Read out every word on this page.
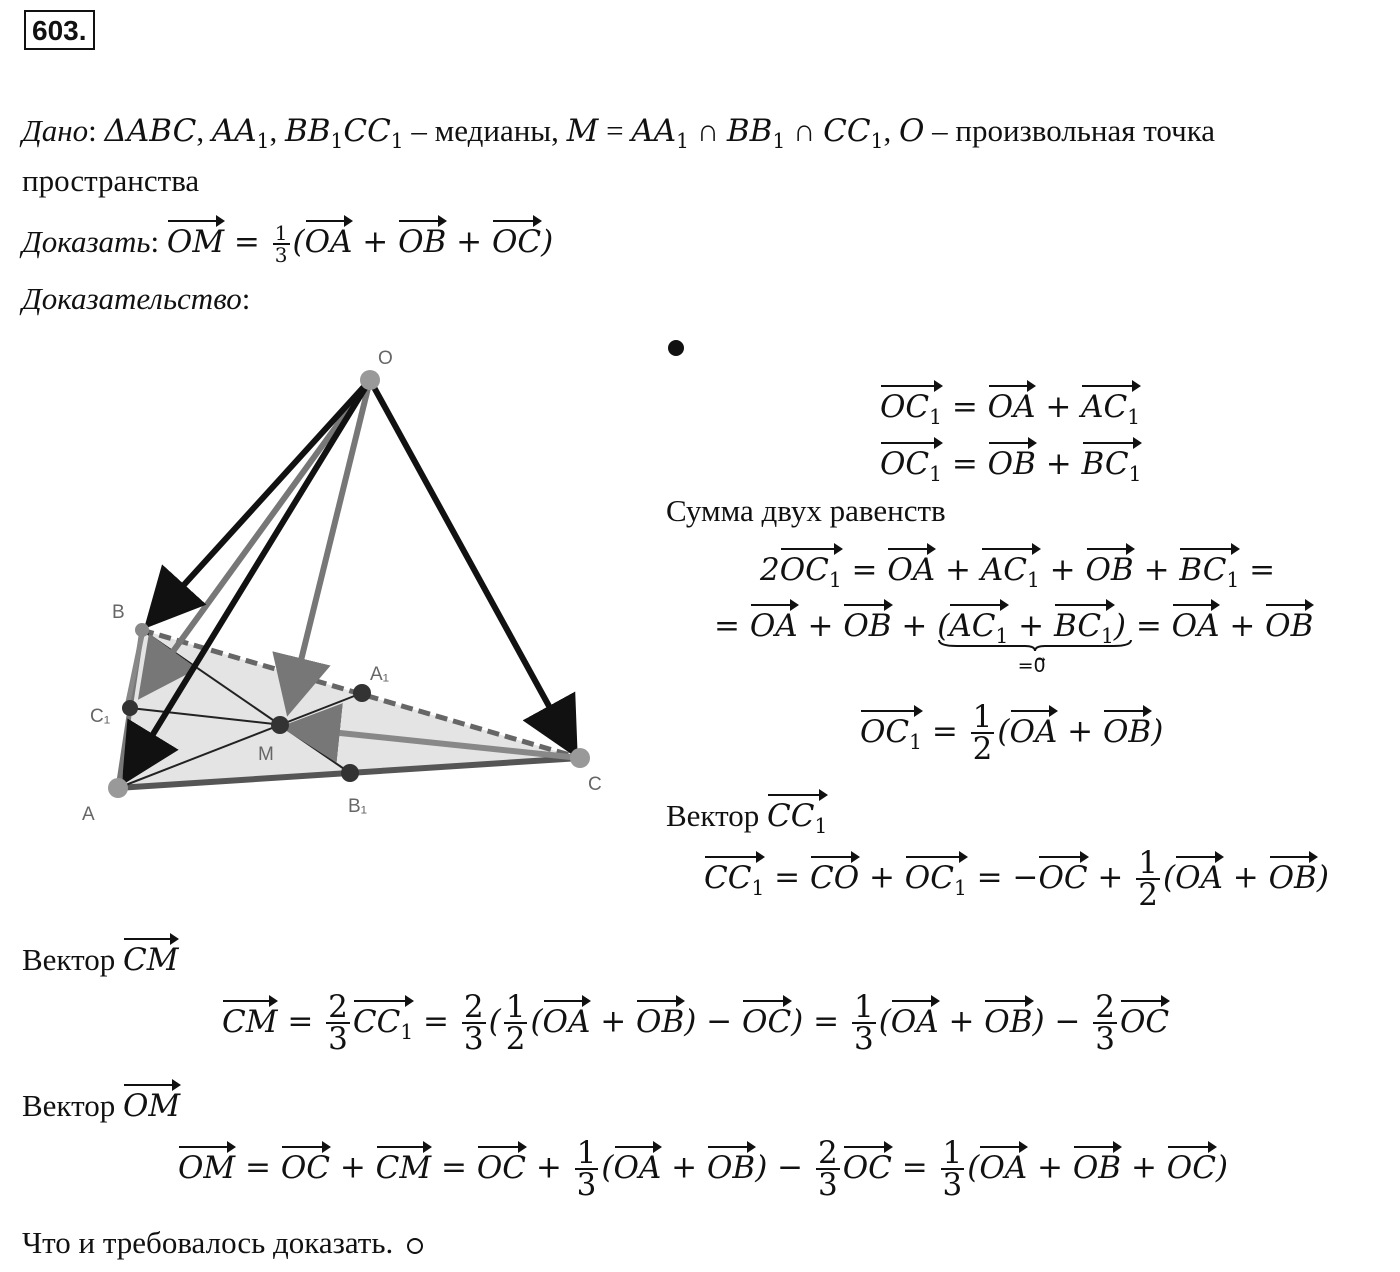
603.
Дано: ΔABC, $AA_1$, $BB_1CC_1$ – медианы, $M = AA_1$ ∩ $BB_1$ ∩ $CC_1$, O – произвольная точка
пространства
Доказать: OM = $\frac{1}{3} (OA$ + OB + OC)
Доказательство:
O
B
A₁
C₁
M
C
A	B₁
$OC_1$ = OA + $AC_1$
$OC_1$ = OB + $BC_1$
Сумма двух равенств
$2OC_1$ = OA + $AC_1$ + OB + $BC_1$ =
= OA + OB + $(AC_1 + BC_1)$
=0⃗
= OA + OB
$OC_1 = \frac{1}{2} (OA + OB)$
Вектор $CC_1$
$CC_1$ = CO + $OC_1 = -OC + \frac{1}{2} (OA + OB)$
Вектор CM
CM = $\frac{2}{3} CC_1 = \frac{2}{3}$ ( $\frac{1}{2} (OA + OB) - OC) = \frac{1}{3} (OA + OB) - \frac{2}{3}$ OC
Вектор OM
OM = OC + CM = OC + $\frac{1}{3} (OA + OB) - \frac{2}{3}$ OC = $\frac{1}{3} (OA$ + OB + OC)
Что и требовалось доказать.
